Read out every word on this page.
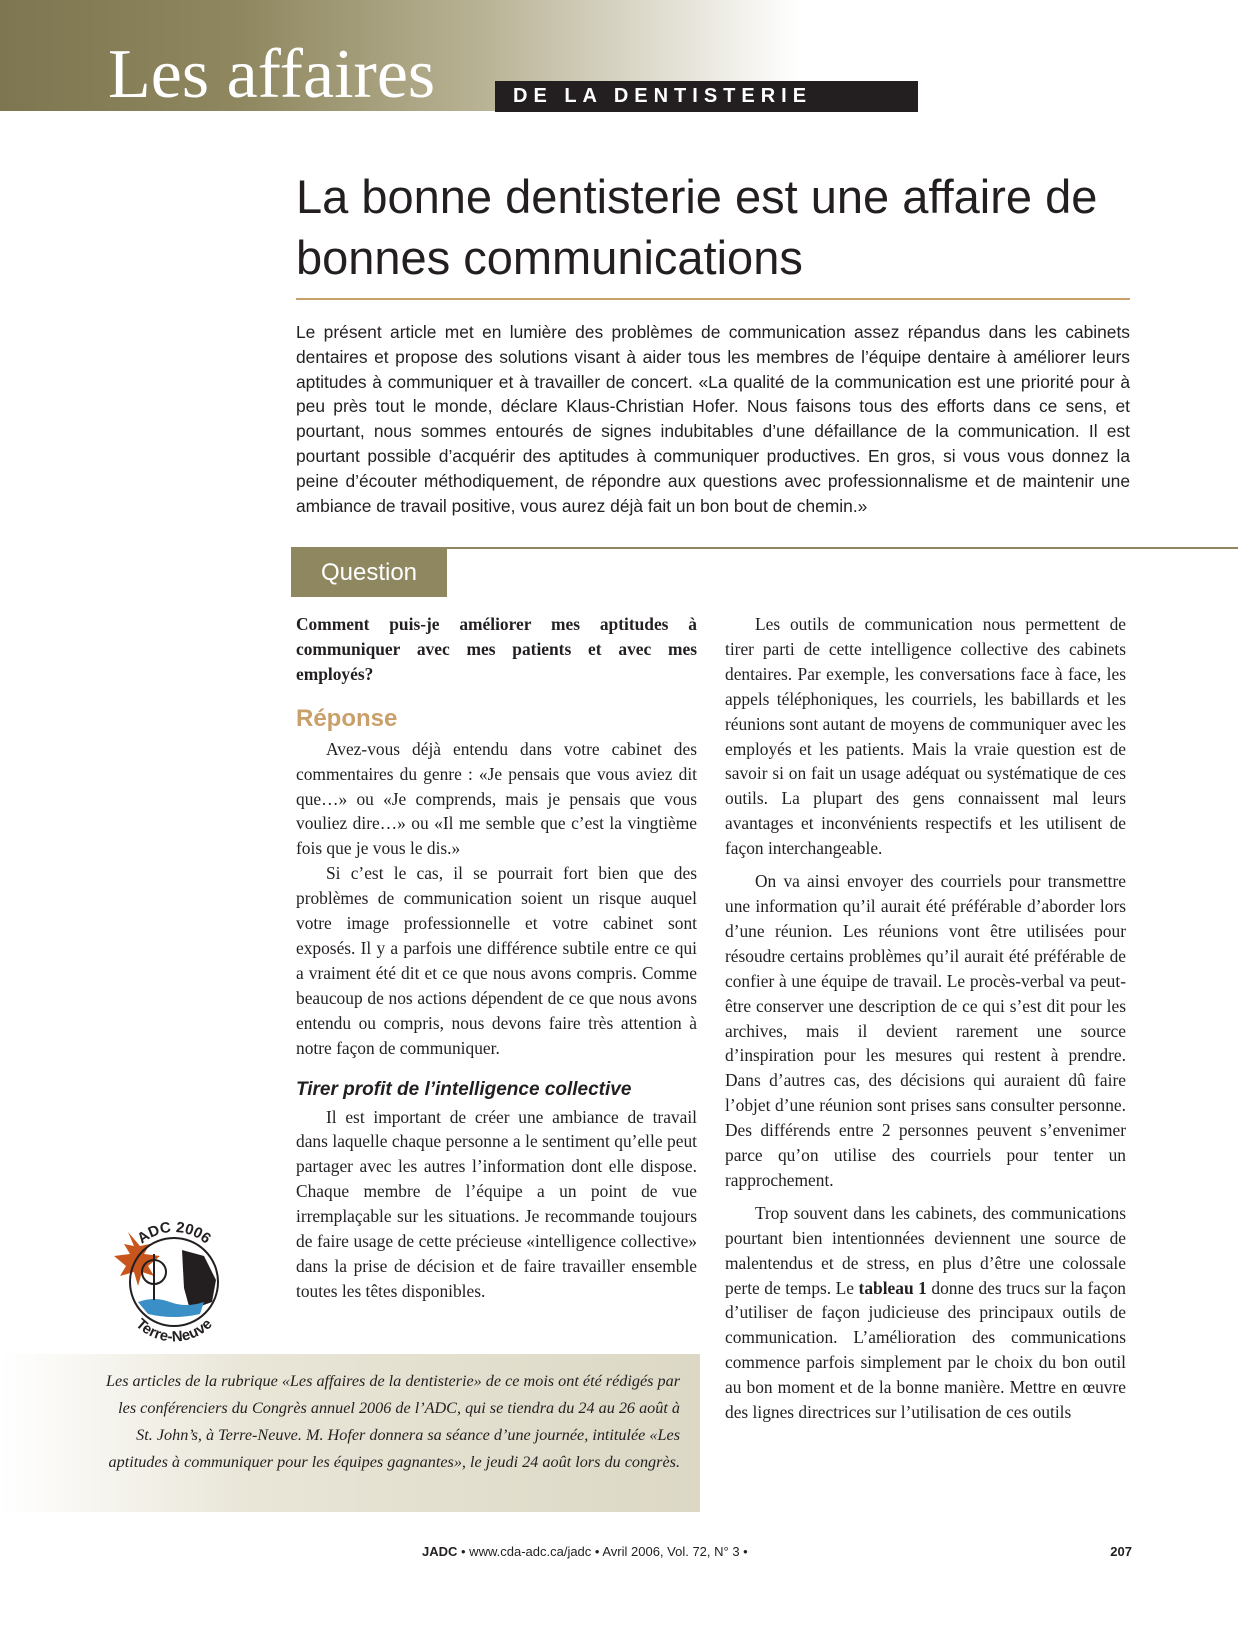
Les affaires	DE LA DENTISTERIE
La bonne dentisterie est une affaire de bonnes communications

Le présent article met en lumière des problèmes de communication assez répandus dans les cabinets dentaires et propose des solutions visant à aider tous les membres de l’équipe dentaire à améliorer leurs aptitudes à communiquer et à travailler de concert. «La qualité de la communication est une priorité pour à peu près tout le monde, déclare Klaus-Christian Hofer. Nous faisons tous des efforts dans ce sens, et pourtant, nous sommes entourés de signes indubitables d’une défaillance de la communication. Il est pourtant possible d’acquérir des aptitudes à communiquer productives. En gros, si vous vous donnez la peine d’écouter méthodiquement, de répondre aux questions avec professionnalisme et de maintenir une ambiance de travail positive, vous aurez déjà fait un bon bout de chemin.»

Question

Comment puis-je améliorer mes aptitudes à communiquer avec mes patients et avec mes employés?

Réponse

Avez-vous déjà entendu dans votre cabinet des commentaires du genre : «Je pensais que vous aviez dit que…» ou «Je comprends, mais je pensais que vous vouliez dire…» ou «Il me semble que c’est la vingtième fois que je vous le dis.»

Si c’est le cas, il se pourrait fort bien que des problèmes de communication soient un risque auquel votre image professionnelle et votre cabinet sont exposés. Il y a parfois une différence subtile entre ce qui a vraiment été dit et ce que nous avons compris. Comme beaucoup de nos actions dépendent de ce que nous avons entendu ou compris, nous devons faire très attention à notre façon de communiquer.

Tirer profit de l’intelligence collective

Il est important de créer une ambiance de travail dans laquelle chaque personne a le sentiment qu’elle peut partager avec les autres l’information dont elle dispose. Chaque membre de l’équipe a un point de vue irremplaçable sur les situations. Je recommande toujours de faire usage de cette précieuse «intelligence collective» dans la prise de décision et de faire travailler ensemble toutes les têtes disponibles.

Les outils de communication nous permettent de tirer parti de cette intelligence collective des cabinets dentaires. Par exemple, les conversations face à face, les appels téléphoniques, les courriels, les babillards et les réunions sont autant de moyens de communiquer avec les employés et les patients. Mais la vraie question est de savoir si on fait un usage adéquat ou systématique de ces outils. La plupart des gens connaissent mal leurs avantages et inconvénients respectifs et les utilisent de façon interchangeable.

On va ainsi envoyer des courriels pour transmettre une information qu’il aurait été préférable d’aborder lors d’une réunion. Les réunions vont être utilisées pour résoudre certains problèmes qu’il aurait été préférable de confier à une équipe de travail. Le procès-verbal va peut-être conserver une description de ce qui s’est dit pour les archives, mais il devient rarement une source d’inspiration pour les mesures qui restent à prendre. Dans d’autres cas, des décisions qui auraient dû faire l’objet d’une réunion sont prises sans consulter personne. Des différends entre 2 personnes peuvent s’envenimer parce qu’on utilise des courriels pour tenter un rapprochement.

Trop souvent dans les cabinets, des communications pourtant bien intentionnées deviennent une source de malentendus et de stress, en plus d’être une colossale perte de temps. Le tableau 1 donne des trucs sur la façon d’utiliser de façon judicieuse des principaux outils de communication. L’amélioration des communications commence parfois simplement par le choix du bon outil au bon moment et de la bonne manière. Mettre en œuvre des lignes directrices sur l’utilisation de ces outils

ADC 2006
Terre-Neuve

Les articles de la rubrique «Les affaires de la dentisterie» de ce mois ont été rédigés par les conférenciers du Congrès annuel 2006 de l’ADC, qui se tiendra du 24 au 26 août à St. John’s, à Terre-Neuve. M. Hofer donnera sa séance d’une journée, intitulée «Les aptitudes à communiquer pour les équipes gagnantes», le jeudi 24 août lors du congrès.

JADC • www.cda-adc.ca/jadc • Avril 2006, Vol. 72, N° 3 •	207
